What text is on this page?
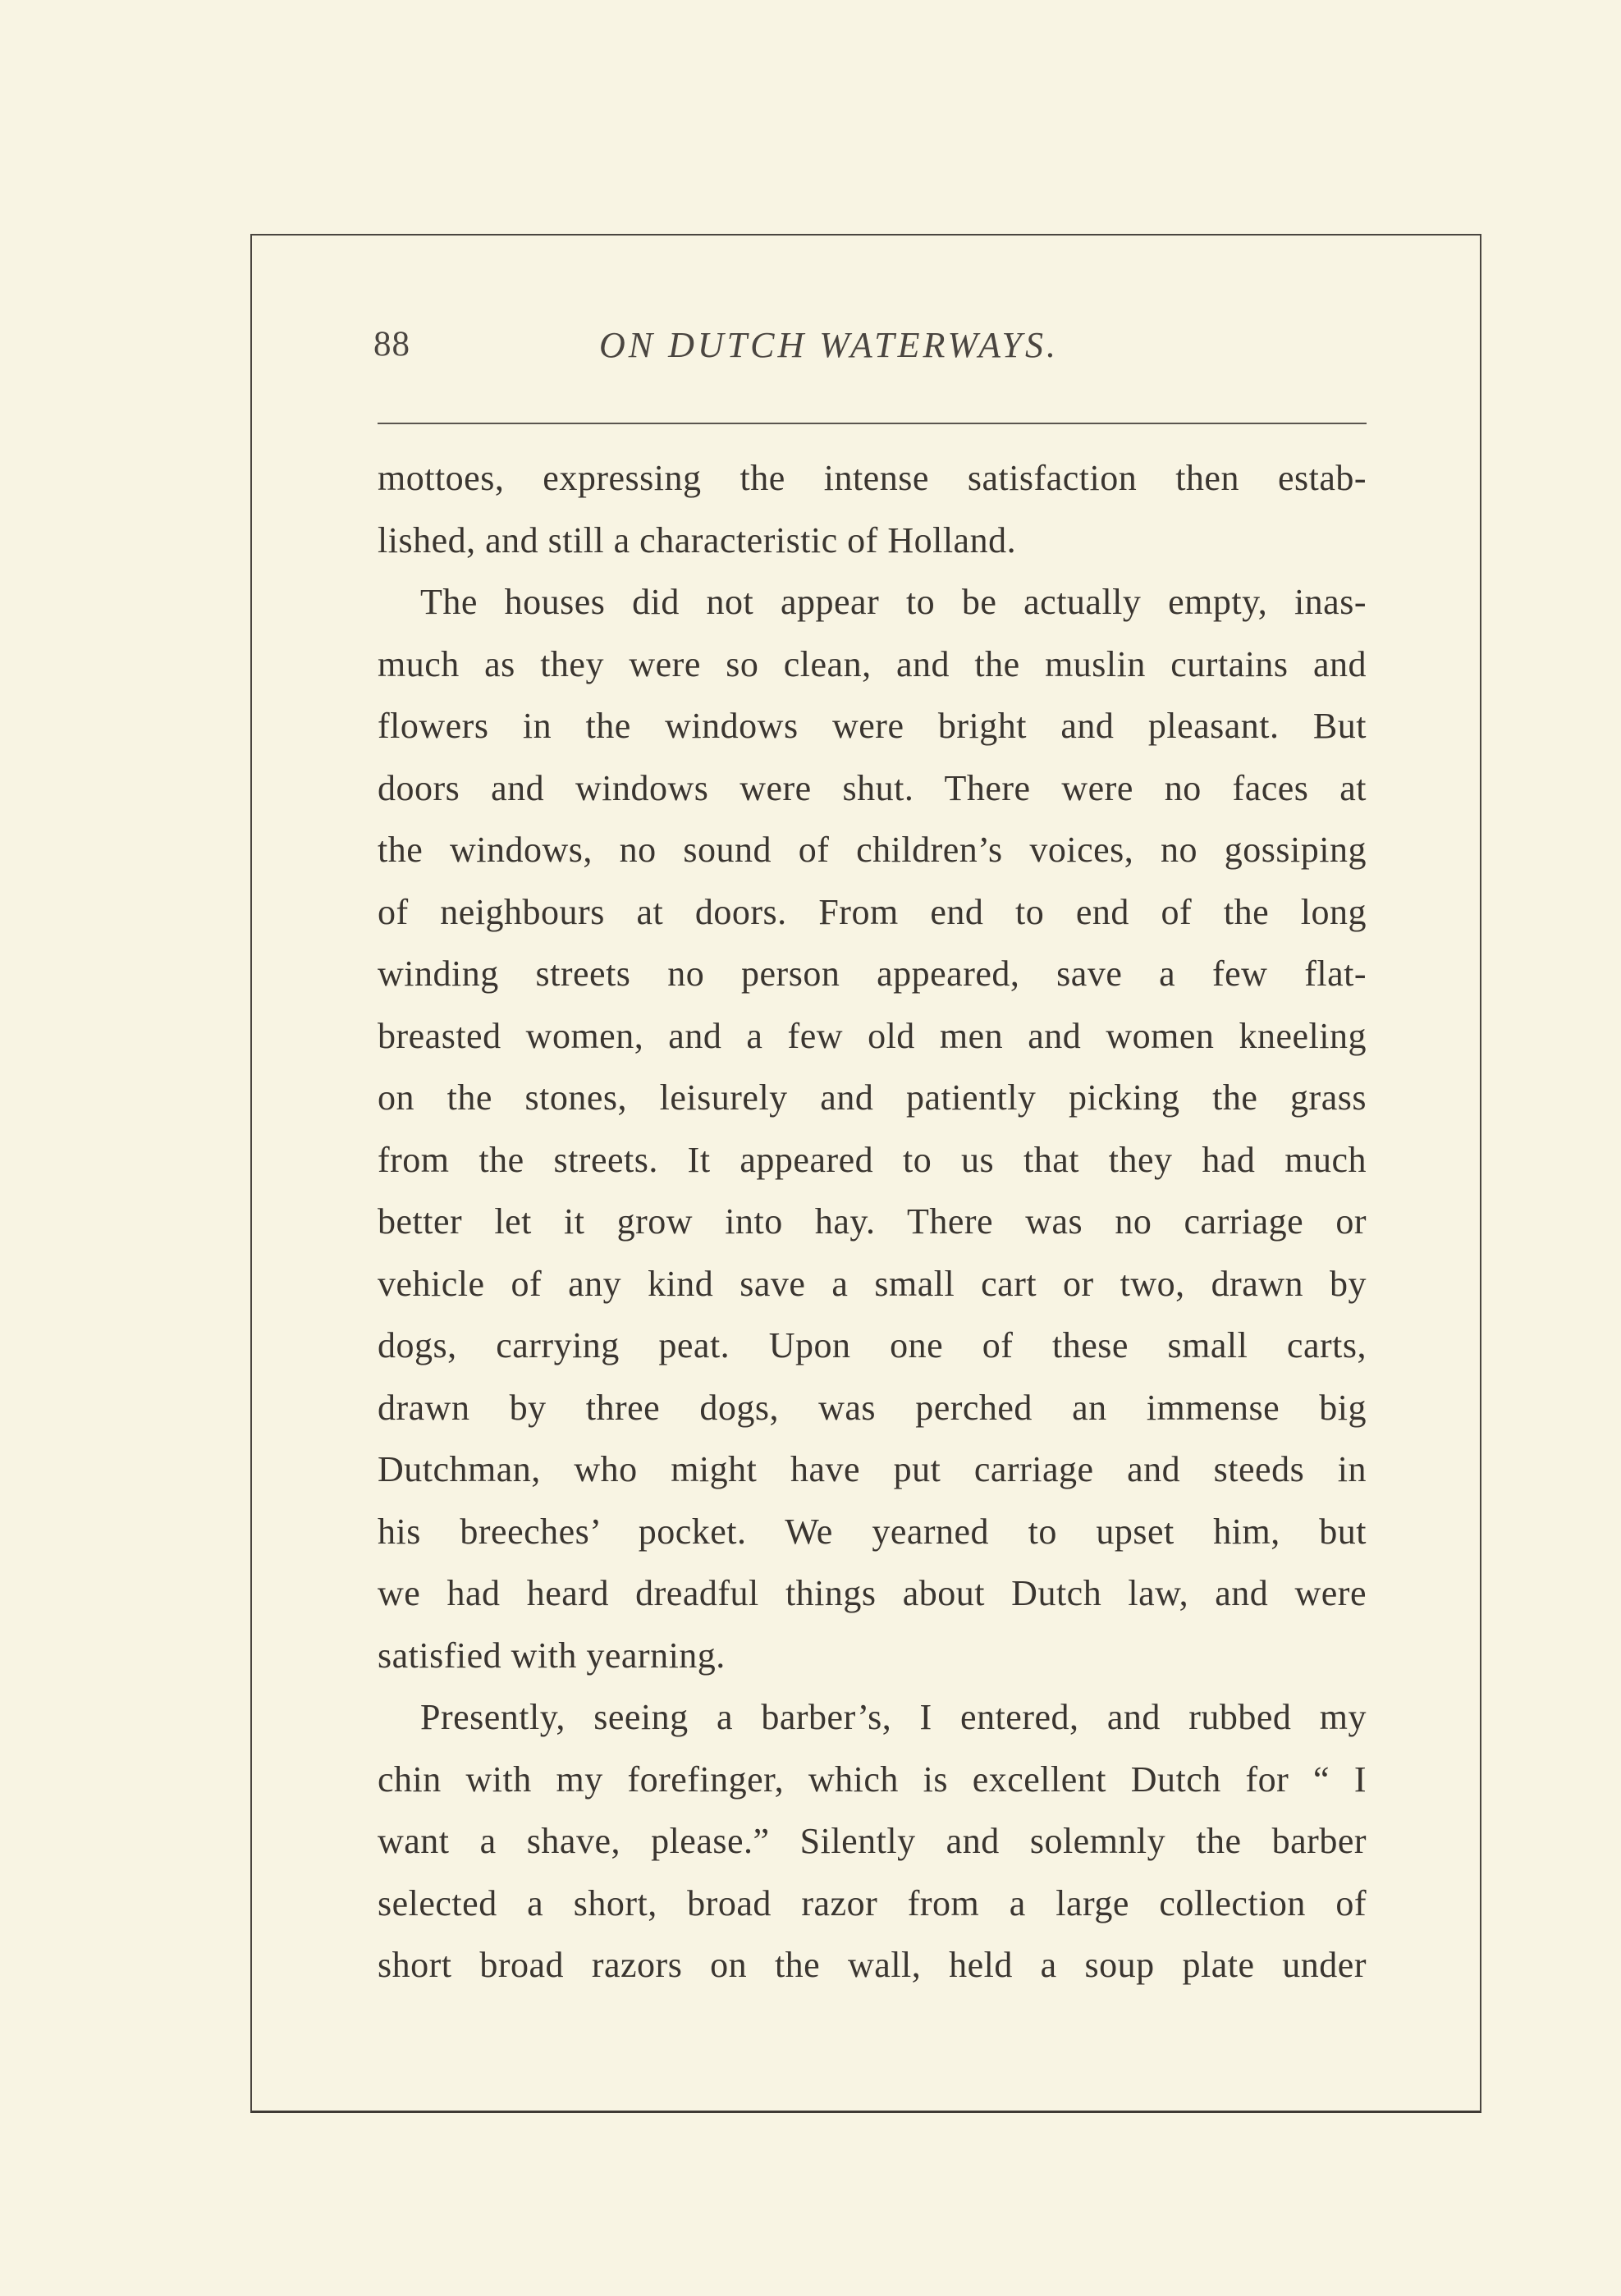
88	ON DUTCH WATERWAYS.
mottoes, expressing the intense satisfaction then estab-
lished, and still a characteristic of Holland.
The houses did not appear to be actually empty, inas-
much as they were so clean, and the muslin curtains and
flowers in the windows were bright and pleasant. But
doors and windows were shut. There were no faces at
the windows, no sound of children’s voices, no gossiping
of neighbours at doors. From end to end of the long
winding streets no person appeared, save a few flat-
breasted women, and a few old men and women kneeling
on the stones, leisurely and patiently picking the grass
from the streets. It appeared to us that they had much
better let it grow into hay. There was no carriage or
vehicle of any kind save a small cart or two, drawn by
dogs, carrying peat. Upon one of these small carts,
drawn by three dogs, was perched an immense big
Dutchman, who might have put carriage and steeds in
his breeches’ pocket. We yearned to upset him, but
we had heard dreadful things about Dutch law, and were
satisfied with yearning.
Presently, seeing a barber’s, I entered, and rubbed my
chin with my forefinger, which is excellent Dutch for “ I
want a shave, please.” Silently and solemnly the barber
selected a short, broad razor from a large collection of
short broad razors on the wall, held a soup plate under
